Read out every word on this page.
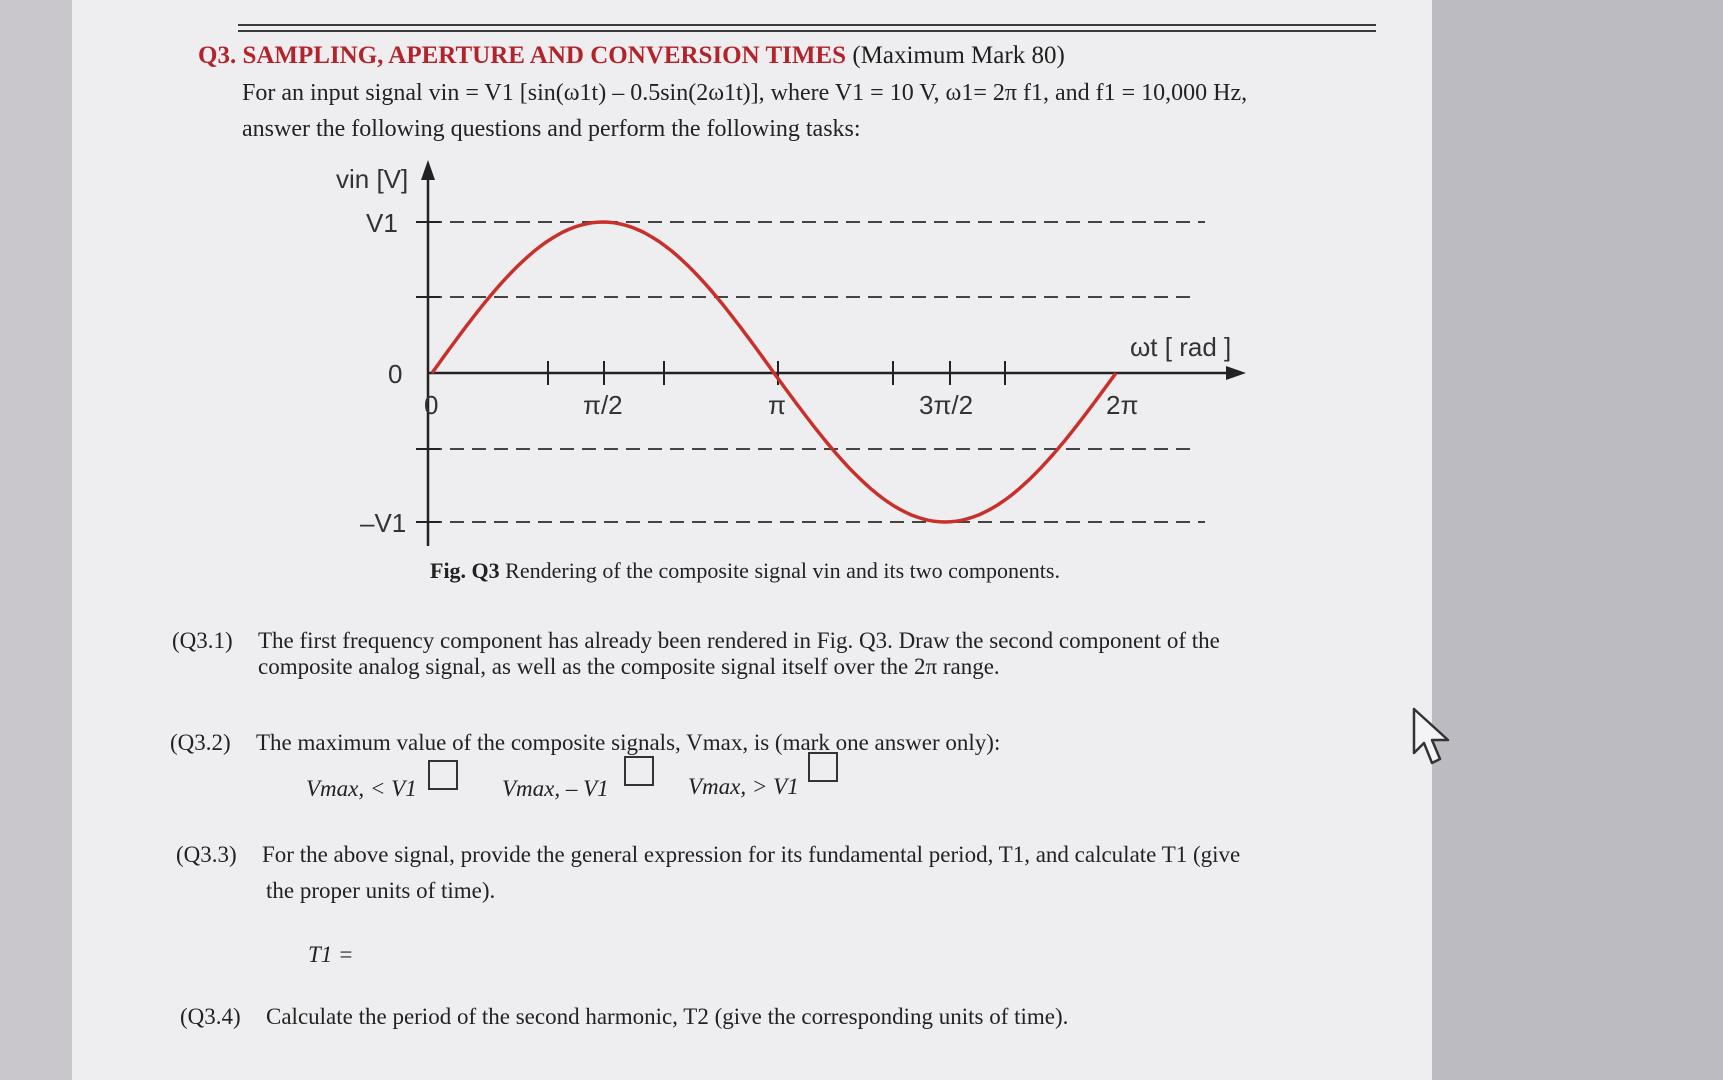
Q3. SAMPLING, APERTURE AND CONVERSION TIMES (Maximum Mark 80)
For an input signal vin = V1 [sin(ω1t) – 0.5sin(2ω1t)], where V1 = 10 V, ω1= 2π f1, and f1 = 10,000 Hz,
answer the following questions and perform the following tasks:
vin [V]
V1
0
–V1
ωt [ rad ]
0	π/2	π	3π/2	2π
Fig. Q3 Rendering of the composite signal vin and its two components.
(Q3.1) The first frequency component has already been rendered in Fig. Q3. Draw the second component of the
composite analog signal, as well as the composite signal itself over the 2π range.
(Q3.2) The maximum value of the composite signals, Vmax, is (mark one answer only):
Vmax, < V1	Vmax, – V1	Vmax, > V1
(Q3.3) For the above signal, provide the general expression for its fundamental period, T1, and calculate T1 (give
the proper units of time).
T1 =
(Q3.4) Calculate the period of the second harmonic, T2 (give the corresponding units of time).
